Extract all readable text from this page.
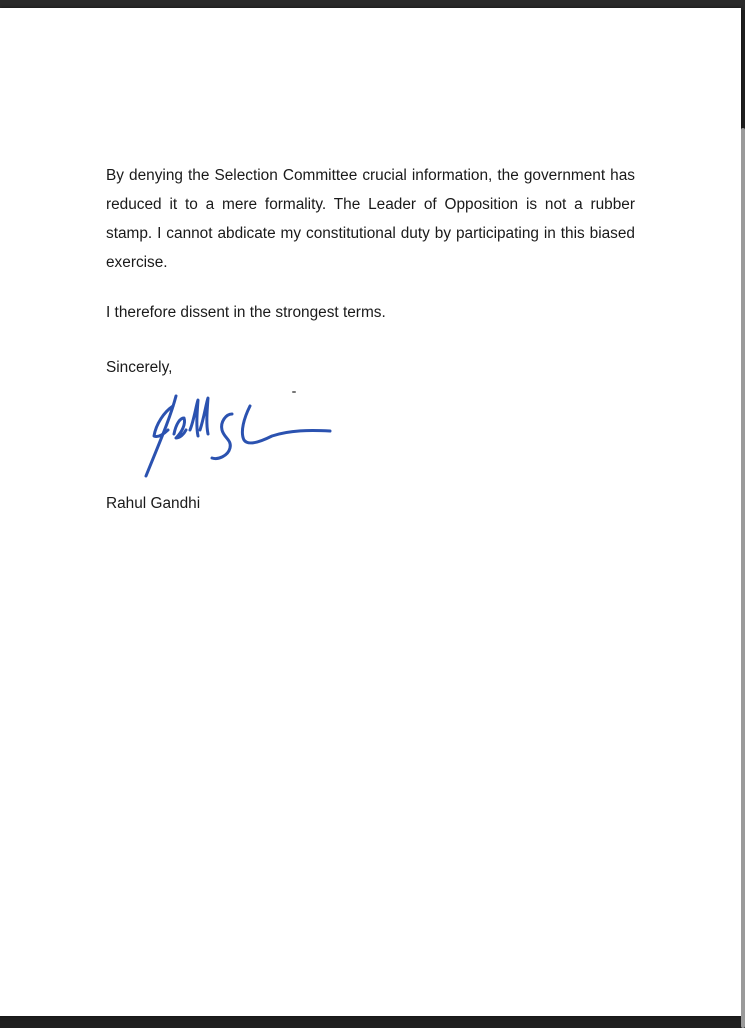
By denying the Selection Committee crucial information, the government has reduced it to a mere formality. The Leader of Opposition is not a rubber stamp. I cannot abdicate my constitutional duty by participating in this biased exercise.

I therefore dissent in the strongest terms.

Sincerely,

Rahul Gandhi
